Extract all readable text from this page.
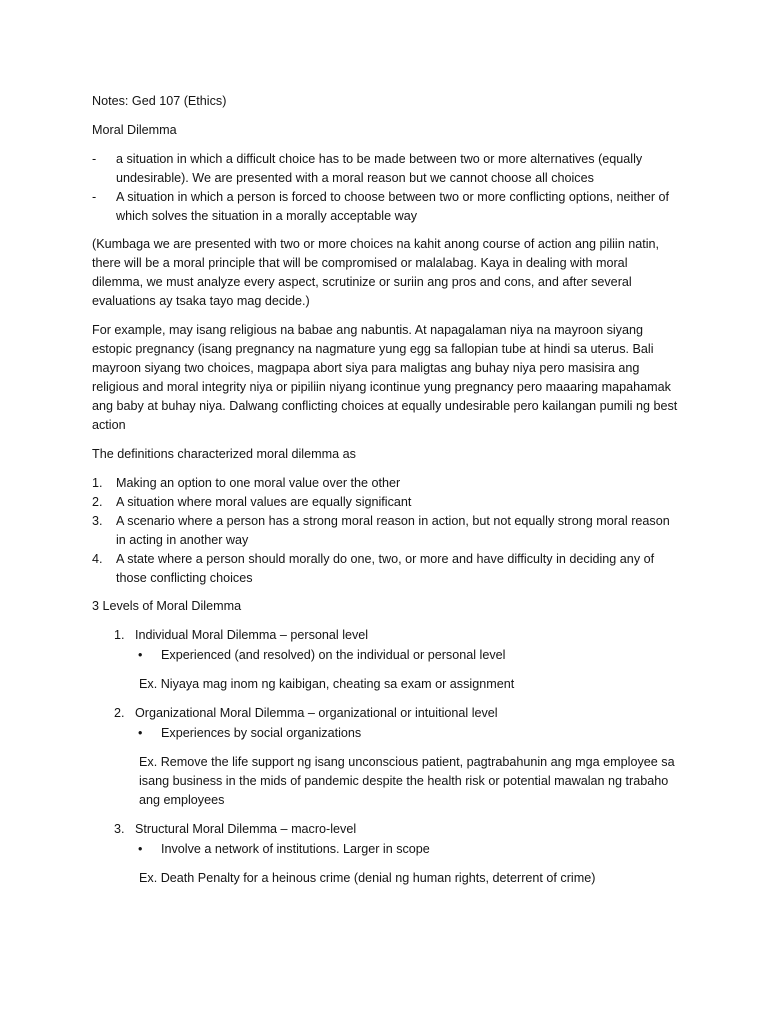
Notes: Ged 107 (Ethics)

Moral Dilemma

- a situation in which a difficult choice has to be made between two or more alternatives (equally undesirable). We are presented with a moral reason but we cannot choose all choices
- A situation in which a person is forced to choose between two or more conflicting options, neither of which solves the situation in a morally acceptable way

(Kumbaga we are presented with two or more choices na kahit anong course of action ang piliin natin, there will be a moral principle that will be compromised or malalabag. Kaya in dealing with moral dilemma, we must analyze every aspect, scrutinize or suriin ang pros and cons, and after several evaluations ay tsaka tayo mag decide.)

For example, may isang religious na babae ang nabuntis. At napagalaman niya na mayroon siyang estopic pregnancy (isang pregnancy na nagmature yung egg sa fallopian tube at hindi sa uterus. Bali mayroon siyang two choices, magpapa abort siya para maligtas ang buhay niya pero masisira ang religious and moral integrity niya or pipiliin niyang icontinue yung pregnancy pero maaaring mapahamak ang baby at buhay niya. Dalwang conflicting choices at equally undesirable pero kailangan pumili ng best action

The definitions characterized moral dilemma as

1. Making an option to one moral value over the other
2. A situation where moral values are equally significant
3. A scenario where a person has a strong moral reason in action, but not equally strong moral reason in acting in another way
4. A state where a person should morally do one, two, or more and have difficulty in deciding any of those conflicting choices

3 Levels of Moral Dilemma

1. Individual Moral Dilemma – personal level
• Experienced (and resolved) on the individual or personal level
Ex. Niyaya mag inom ng kaibigan, cheating sa exam or assignment
2. Organizational Moral Dilemma – organizational or intuitional level
• Experiences by social organizations
Ex. Remove the life support ng isang unconscious patient, pagtrabahunin ang mga employee sa isang business in the mids of pandemic despite the health risk or potential mawalan ng trabaho ang employees
3. Structural Moral Dilemma – macro-level
• Involve a network of institutions. Larger in scope
Ex. Death Penalty for a heinous crime (denial ng human rights, deterrent of crime)
